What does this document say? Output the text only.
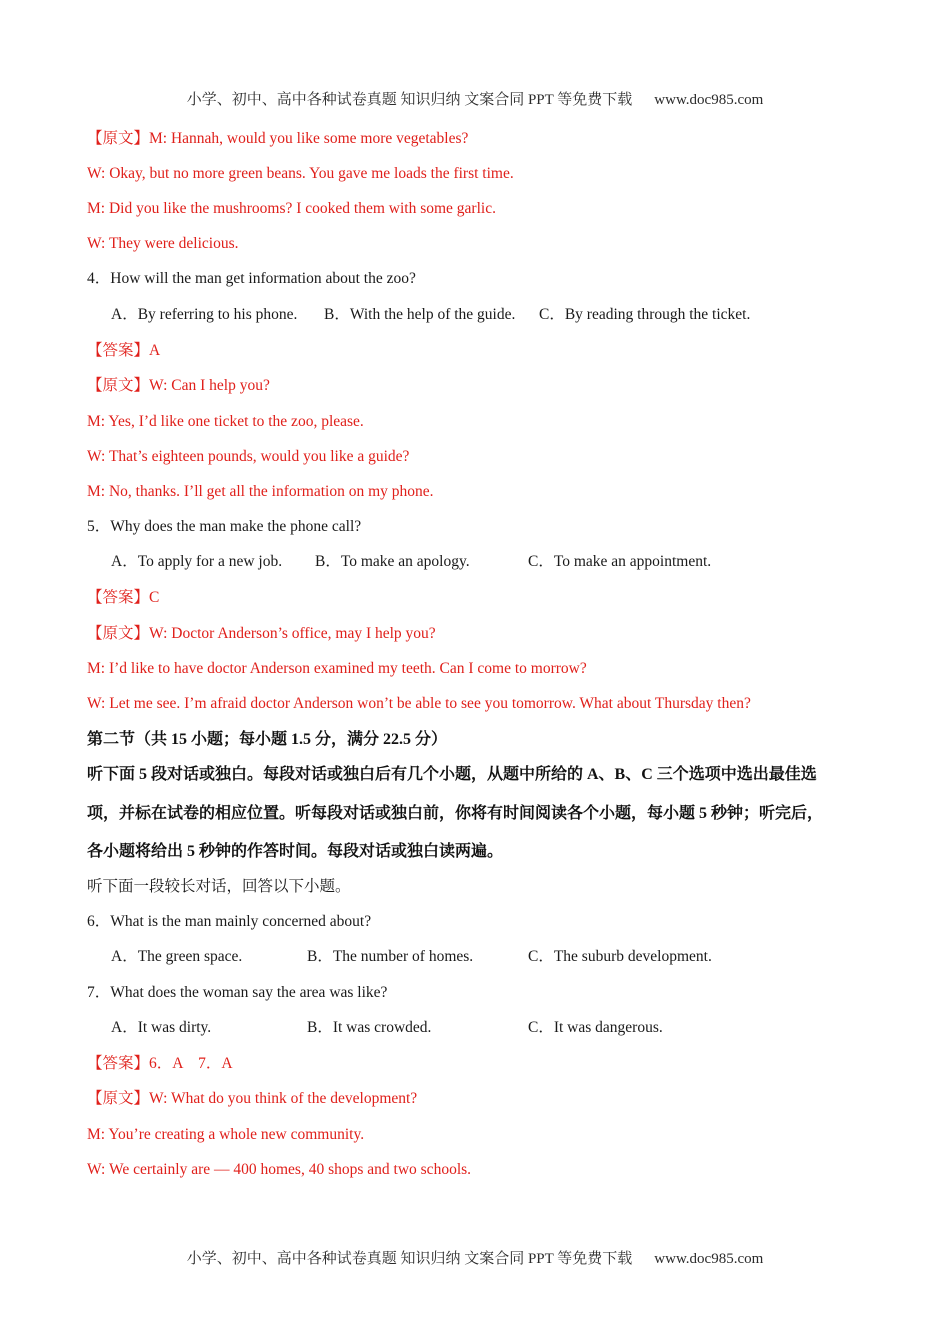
小学、初中、高中各种试卷真题 知识归纳 文案合同 PPT 等免费下载 www.doc985.com
【原文】M: Hannah, would you like some more vegetables?
W: Okay, but no more green beans. You gave me loads the first time.
M: Did you like the mushrooms? I cooked them with some garlic.
W: They were delicious.
4．How will the man get information about the zoo?
A．By referring to his phone. B．With the help of the guide. C．By reading through the ticket.
【答案】A
【原文】W: Can I help you?
M: Yes, I’d like one ticket to the zoo, please.
W: That’s eighteen pounds, would you like a guide?
M: No, thanks. I’ll get all the information on my phone.
5．Why does the man make the phone call?
A．To apply for a new job. B．To make an apology.	C．To make an appointment.
【答案】C
【原文】W: Doctor Anderson’s office, may I help you?
M: I’d like to have doctor Anderson examined my teeth. Can I come to morrow?
W: Let me see. I’m afraid doctor Anderson won’t be able to see you tomorrow. What about Thursday then?
第二节（共 15 小题；每小题 1.5 分，满分 22.5 分）
听下面 5 段对话或独白。每段对话或独白后有几个小题，从题中所给的 A、B、C 三个选项中选出最佳选
项，并标在试卷的相应位置。听每段对话或独白前，你将有时间阅读各个小题，每小题 5 秒钟；听完后，
各小题将给出 5 秒钟的作答时间。每段对话或独白读两遍。
听下面一段较长对话，回答以下小题。
6．What is the man mainly concerned about?
A．The green space.	B．The number of homes.	C．The suburb development.
7．What does the woman say the area was like?
A．It was dirty.	B．It was crowded.	C．It was dangerous.
【答案】6．A　7．A
【原文】W: What do you think of the development?
M: You’re creating a whole new community.
W: We certainly are — 400 homes, 40 shops and two schools.
小学、初中、高中各种试卷真题 知识归纳 文案合同 PPT 等免费下载 www.doc985.com
